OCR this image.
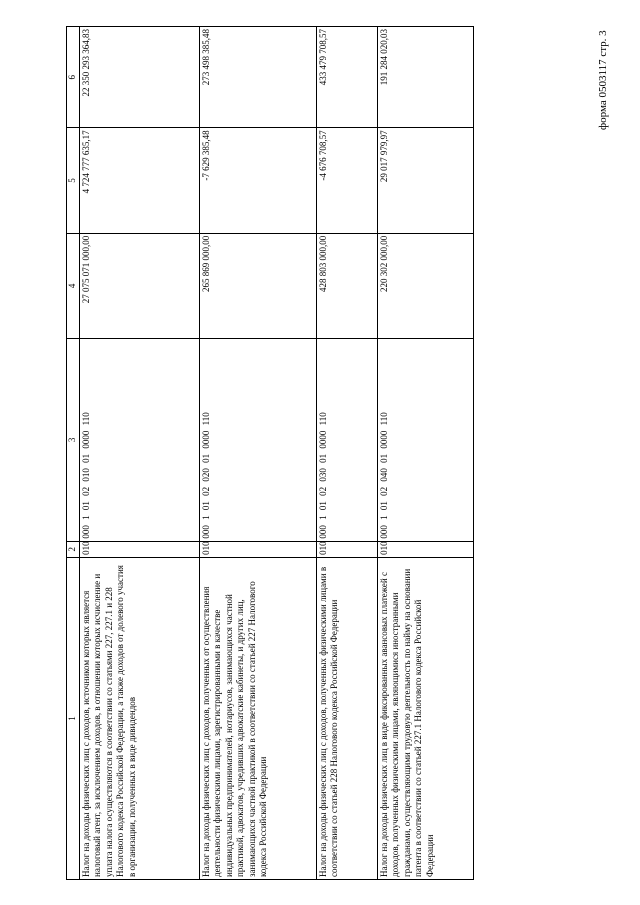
форма 0503117 стр. 3
1	2	3	4	5	6
Налог на доходы физических лиц с доходов, источником которых является налоговый агент, за исключением доходов, в отношении которых исчисление и уплата налога осуществляются в соответствии со статьями 227, 227.1 и 228 Налогового кодекса Российской Федерации, а также доходов от долевого участия в организации, полученных в виде дивидендов	010	000 1 01 02 010 01 0000 110	27 075 071 000,00	4 724 777 635,17	22 350 293 364,83
Налог на доходы физических лиц с доходов, полученных от осуществления деятельности физическими лицами, зарегистрированными в качестве индивидуальных предпринимателей, нотариусов, занимающихся частной практикой, адвокатов, учредивших адвокатские кабинеты, и других лиц, занимающихся частной практикой в соответствии со статьей 227 Налогового кодекса Российской Федерации	010	000 1 01 02 020 01 0000 110	265 869 000,00	-7 629 385,48	273 498 385,48
Налог на доходы физических лиц с доходов, полученных физическими лицами в соответствии со статьей 228 Налогового кодекса Российской Федерации	010	000 1 01 02 030 01 0000 110	428 803 000,00	-4 676 708,57	433 479 708,57
Налог на доходы физических лиц в виде фиксированных авансовых платежей с доходов, полученных физическими лицами, являющимися иностранными гражданами, осуществляющими трудовую деятельность по найму на основании патента в соответствии со статьей 227.1 Налогового кодекса Российской Федерации	010	000 1 01 02 040 01 0000 110	220 302 000,00	29 017 979,97	191 284 020,03
